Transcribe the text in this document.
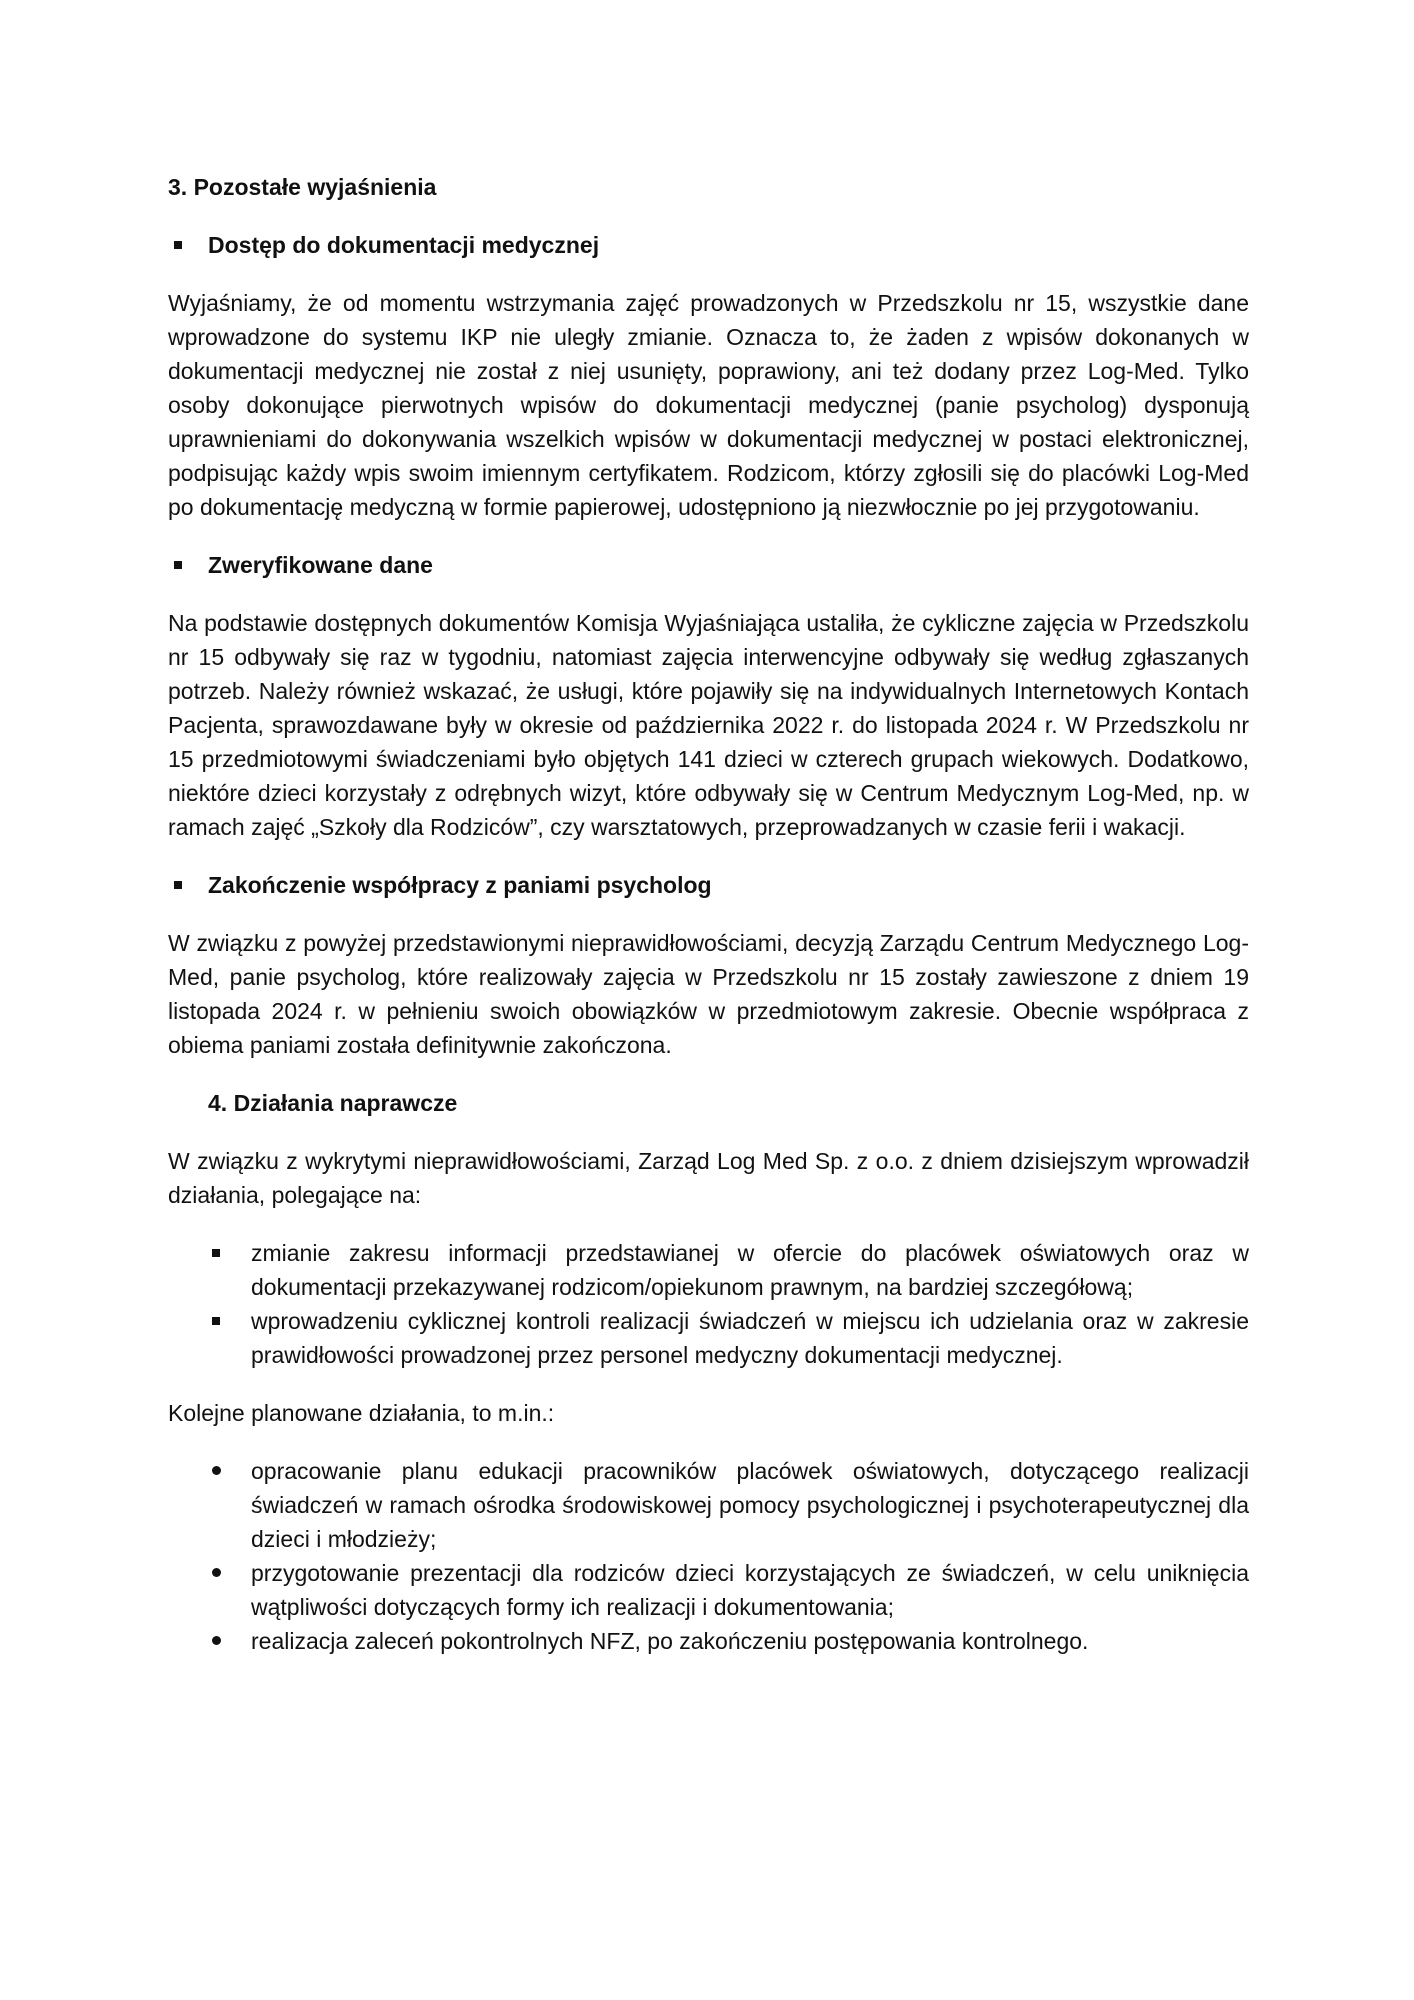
3. Pozostałe wyjaśnienia
Dostęp do dokumentacji medycznej

Wyjaśniamy, że od momentu wstrzymania zajęć prowadzonych w Przedszkolu nr 15, wszystkie dane wprowadzone do systemu IKP nie uległy zmianie. Oznacza to, że żaden z wpisów dokonanych w dokumentacji medycznej nie został z niej usunięty, poprawiony, ani też dodany przez Log-Med. Tylko osoby dokonujące pierwotnych wpisów do dokumentacji medycznej (panie psycholog) dysponują uprawnieniami do dokonywania wszelkich wpisów w dokumentacji medycznej w postaci elektronicznej, podpisując każdy wpis swoim imiennym certyfikatem. Rodzicom, którzy zgłosili się do placówki Log-Med po dokumentację medyczną w formie papierowej, udostępniono ją niezwłocznie po jej przygotowaniu.

Zweryfikowane dane

Na podstawie dostępnych dokumentów Komisja Wyjaśniająca ustaliła, że cykliczne zajęcia w Przedszkolu nr 15 odbywały się raz w tygodniu, natomiast zajęcia interwencyjne odbywały się według zgłaszanych potrzeb. Należy również wskazać, że usługi, które pojawiły się na indywidualnych Internetowych Kontach Pacjenta, sprawozdawane były w okresie od października 2022 r. do listopada 2024 r. W Przedszkolu nr 15 przedmiotowymi świadczeniami było objętych 141 dzieci w czterech grupach wiekowych. Dodatkowo, niektóre dzieci korzystały z odrębnych wizyt, które odbywały się w Centrum Medycznym Log-Med, np. w ramach zajęć „Szkoły dla Rodziców”, czy warsztatowych, przeprowadzanych w czasie ferii i wakacji.

Zakończenie współpracy z paniami psycholog

W związku z powyżej przedstawionymi nieprawidłowościami, decyzją Zarządu Centrum Medycznego Log-Med, panie psycholog, które realizowały zajęcia w Przedszkolu nr 15 zostały zawieszone z dniem 19 listopada 2024 r. w pełnieniu swoich obowiązków w przedmiotowym zakresie. Obecnie współpraca z obiema paniami została definitywnie zakończona.

4. Działania naprawcze

W związku z wykrytymi nieprawidłowościami, Zarząd Log Med Sp. z o.o. z dniem dzisiejszym wprowadził działania, polegające na:

zmianie zakresu informacji przedstawianej w ofercie do placówek oświatowych oraz w dokumentacji przekazywanej rodzicom/opiekunom prawnym, na bardziej szczegółową;
wprowadzeniu cyklicznej kontroli realizacji świadczeń w miejscu ich udzielania oraz w zakresie prawidłowości prowadzonej przez personel medyczny dokumentacji medycznej.

Kolejne planowane działania, to m.in.:

opracowanie planu edukacji pracowników placówek oświatowych, dotyczącego realizacji świadczeń w ramach ośrodka środowiskowej pomocy psychologicznej i psychoterapeutycznej dla dzieci i młodzieży;
przygotowanie prezentacji dla rodziców dzieci korzystających ze świadczeń, w celu uniknięcia wątpliwości dotyczących formy ich realizacji i dokumentowania;
realizacja zaleceń pokontrolnych NFZ, po zakończeniu postępowania kontrolnego.
